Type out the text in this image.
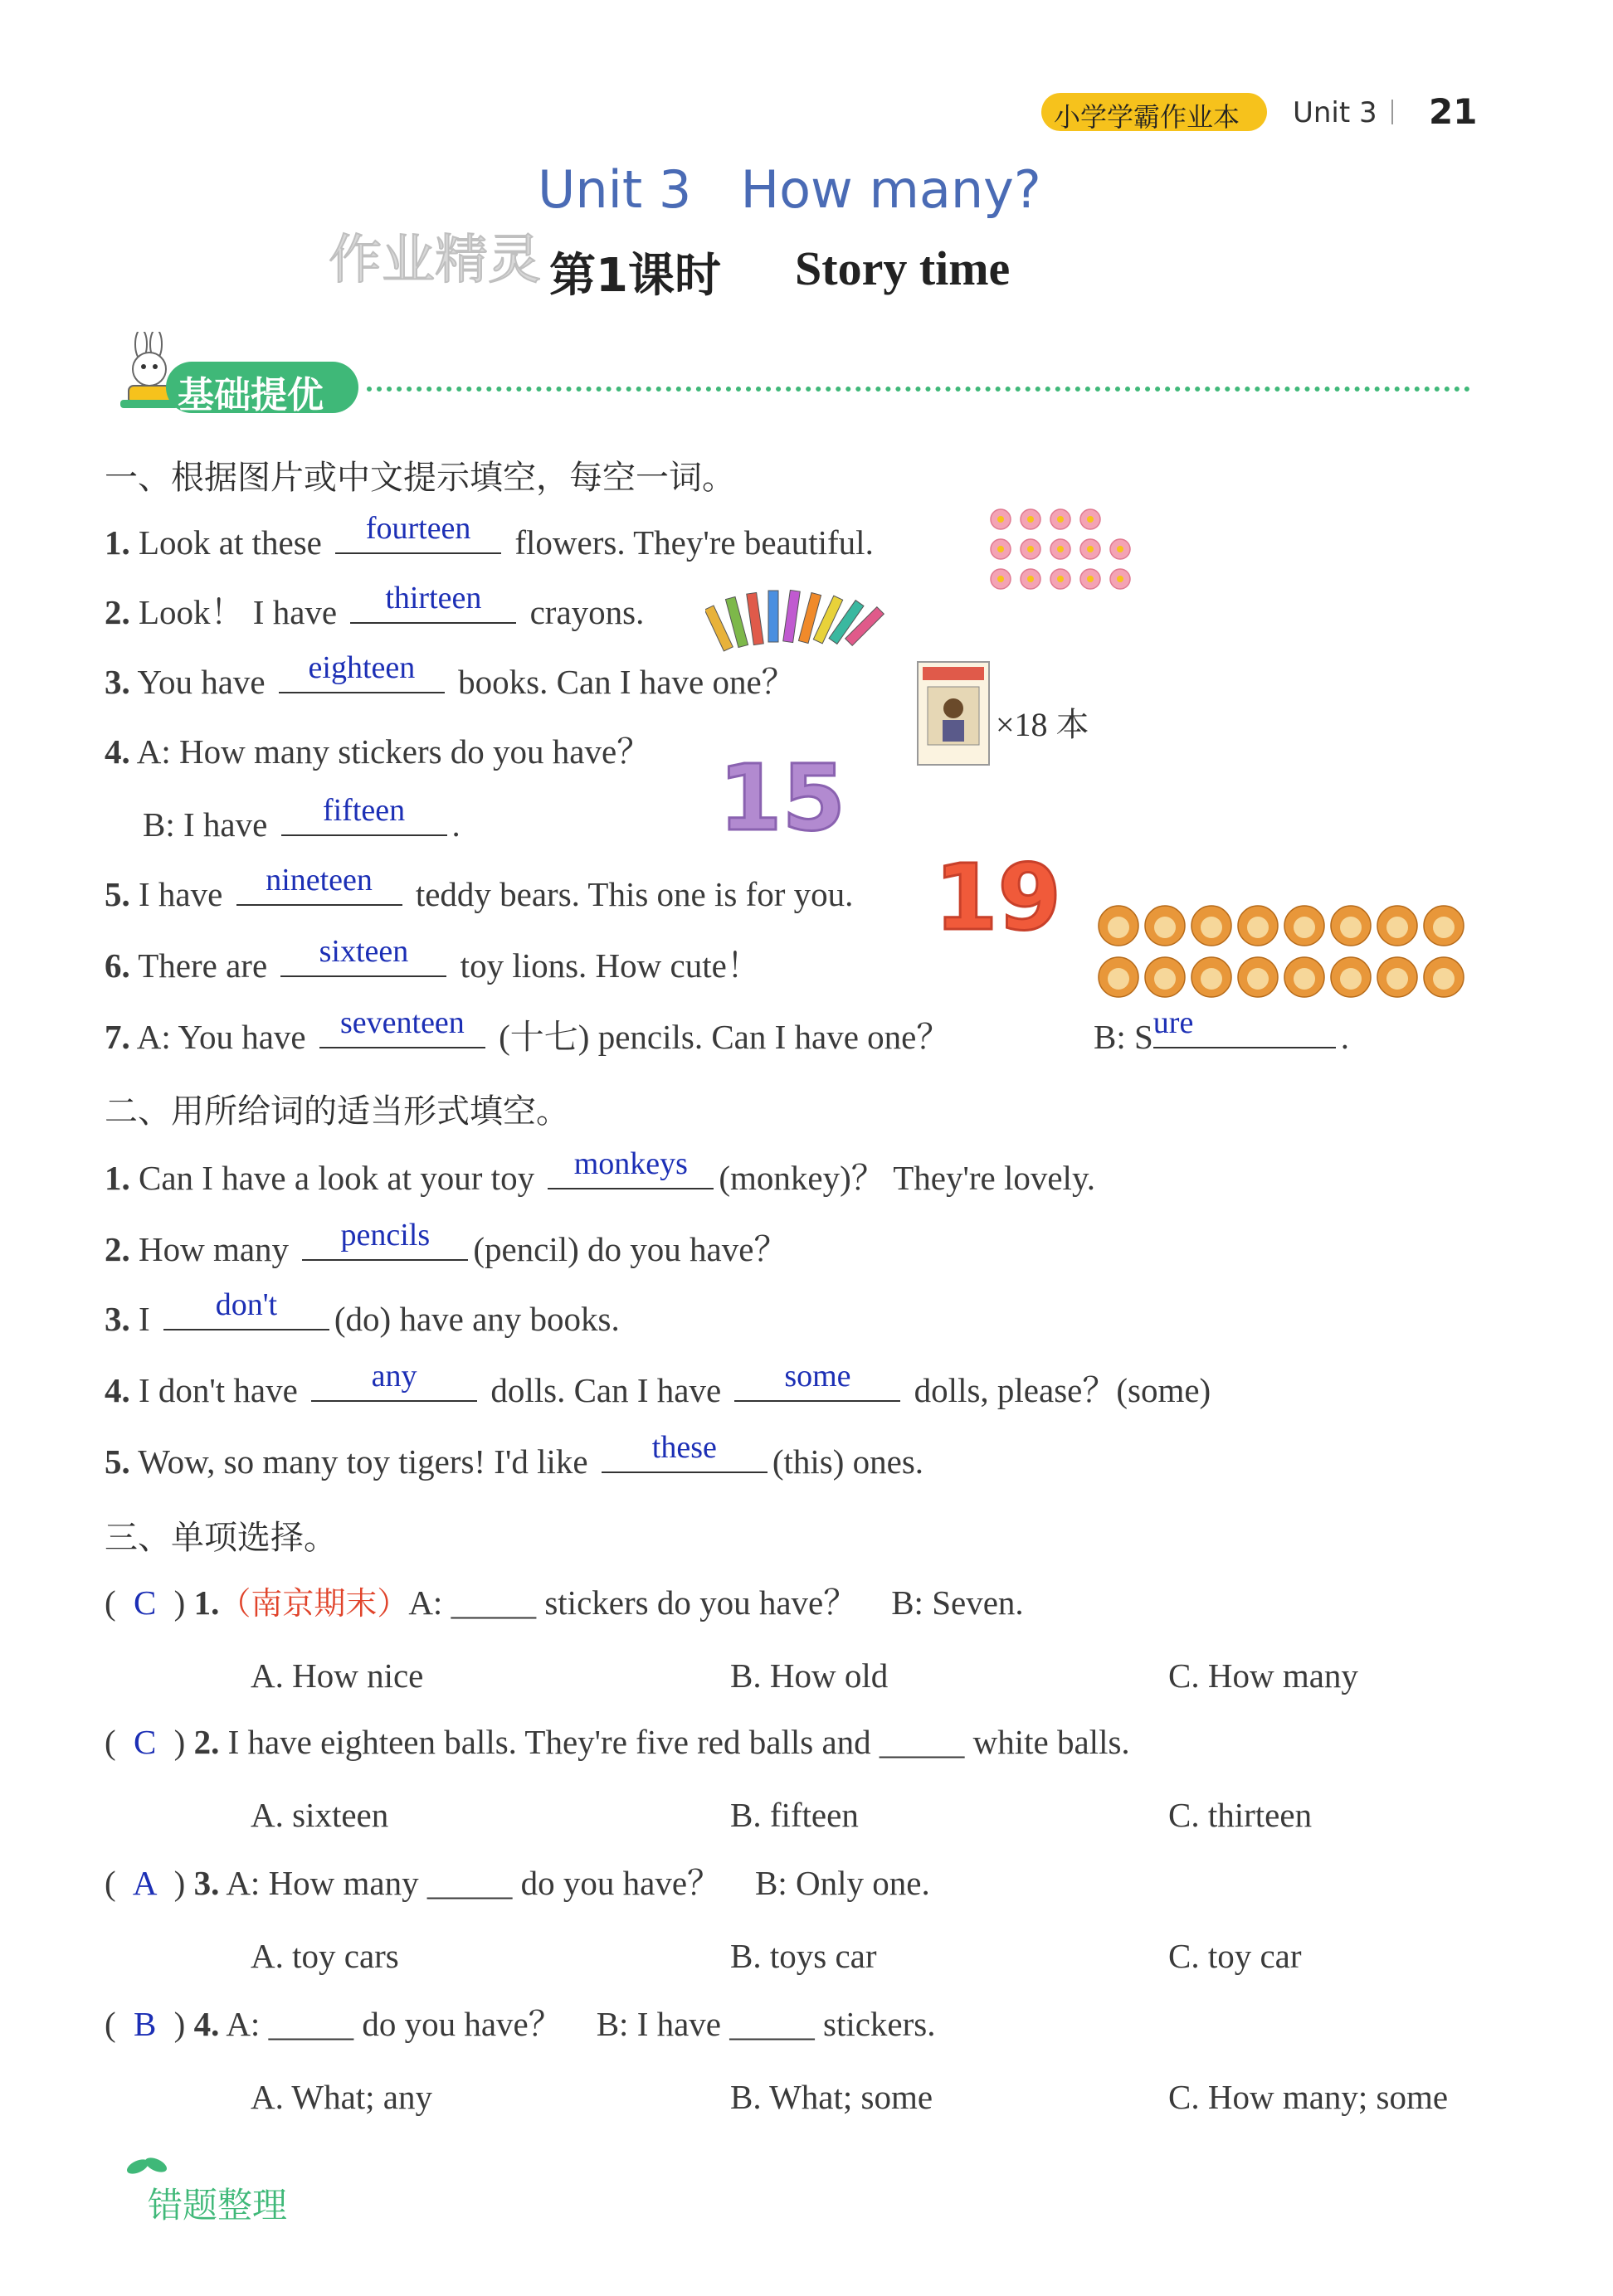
小学学霸作业本 Unit 3 21
Unit 3   How many?
作业精灵 第1课时 Story time
基础提优
一、根据图片或中文提示填空，每空一词。
1. Look at these	fourteen	flowers. They're beautiful.
2. Look！ I have	thirteen	crayons.
3. You have	eighteen	books. Can I have one？
4. A: How many stickers do you have？
B: I have	fifteen	.
5. I have	nineteen	teddy bears. This one is for you.
6. There are	sixteen	toy lions. How cute！
7. A: You have	seventeen	(十七) pencils. Can I have one？	B: S ure	.
×18 本
15
19
二、用所给词的适当形式填空。
1. Can I have a look at your toy	monkeys (monkey)？ They're lovely.
2. How many	pencils	(pencil) do you have？
3. I	don't	(do) have any books.
4. I don't have	any	dolls. Can I have	some	dolls, please？(some)
5. Wow, so many toy tigers! I'd like	these	(this) ones.
三、单项选择。
( C ) 1.（南京期末）A: _____ stickers do you have？    B: Seven.
A. How nice	B. How old	C. How many
( C ) 2. I have eighteen balls. They're five red balls and _____ white balls.
A. sixteen	B. fifteen	C. thirteen
( A ) 3. A: How many _____ do you have？    B: Only one.
A. toy cars	B. toys car	C. toy car
( B ) 4. A: _____ do you have？    B: I have _____ stickers.
A. What; any	B. What; some	C. How many; some
错题整理
